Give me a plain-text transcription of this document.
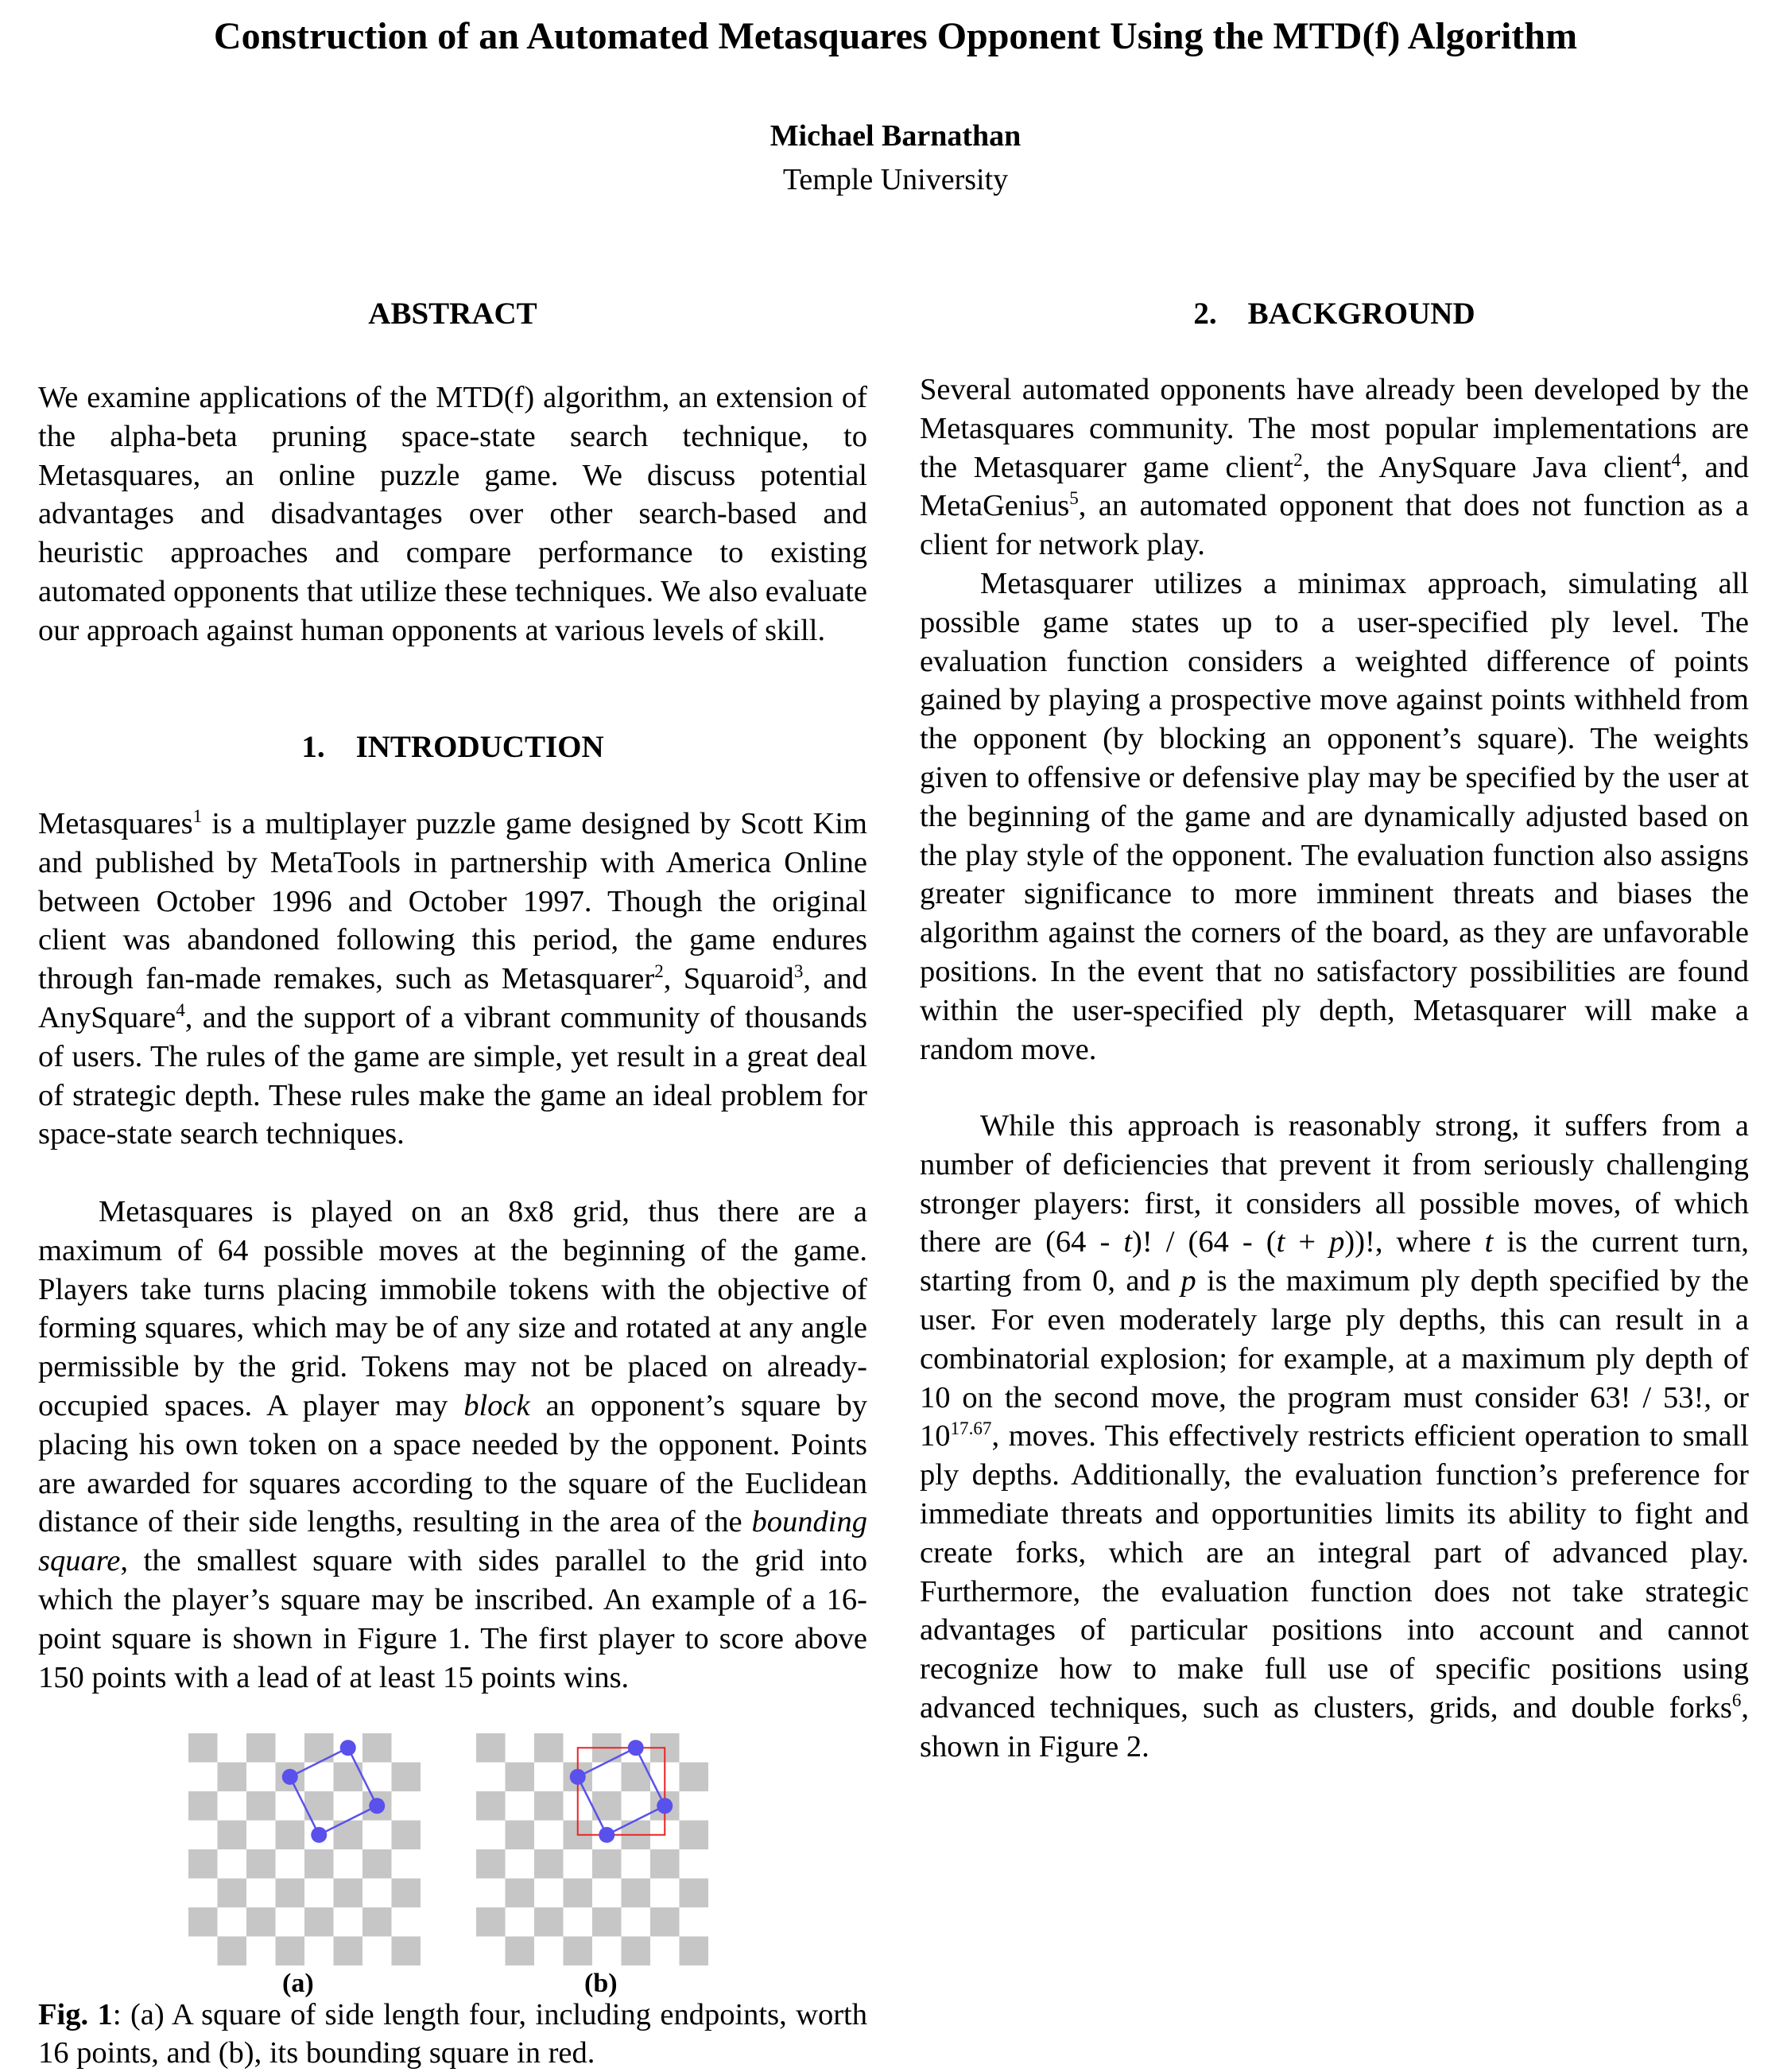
Construction of an Automated Metasquares Opponent Using the MTD(f) Algorithm
Michael Barnathan
Temple University
ABSTRACT

We examine applications of the MTD(f) algorithm, an extension of the alpha-beta pruning space-state search technique, to Metasquares, an online puzzle game. We discuss potential advantages and disadvantages over other search-based and heuristic approaches and compare performance to existing automated opponents that utilize these techniques. We also evaluate our approach against human opponents at various levels of skill.

1.    INTRODUCTION

Metasquares$^1$ is a multiplayer puzzle game designed by Scott Kim and published by MetaTools in partnership with America Online between October 1996 and October 1997. Though the original client was abandoned following this period, the game endures through fan-made remakes, such as Metasquarer$^2$, Squaroid$^3$, and AnySquare$^4$, and the support of a vibrant community of thousands of users. The rules of the game are simple, yet result in a great deal of strategic depth. These rules make the game an ideal problem for space-state search techniques.

Metasquares is played on an 8x8 grid, thus there are a maximum of 64 possible moves at the beginning of the game. Players take turns placing immobile tokens with the objective of forming squares, which may be of any size and rotated at any angle permissible by the grid. Tokens may not be placed on already-occupied spaces. A player may block an opponent’s square by placing his own token on a space needed by the opponent. Points are awarded for squares according to the square of the Euclidean distance of their side lengths, resulting in the area of the bounding square, the smallest square with sides parallel to the grid into which the player’s square may be inscribed. An example of a 16-point square is shown in Figure 1. The first player to score above 150 points with a lead of at least 15 points wins.

(a)	(b)

Fig. 1: (a) A square of side length four, including endpoints, worth 16 points, and (b), its bounding square in red.

2.    BACKGROUND

Several automated opponents have already been developed by the Metasquares community. The most popular implementations are the Metasquarer game client$^2$, the AnySquare Java client$^4$, and MetaGenius$^5$, an automated opponent that does not function as a client for network play.

Metasquarer utilizes a minimax approach, simulating all possible game states up to a user-specified ply level. The evaluation function considers a weighted difference of points gained by playing a prospective move against points withheld from the opponent (by blocking an opponent’s square). The weights given to offensive or defensive play may be specified by the user at the beginning of the game and are dynamically adjusted based on the play style of the opponent. The evaluation function also assigns greater significance to more imminent threats and biases the algorithm against the corners of the board, as they are unfavorable positions. In the event that no satisfactory possibilities are found within the user-specified ply depth, Metasquarer will make a random move.

While this approach is reasonably strong, it suffers from a number of deficiencies that prevent it from seriously challenging stronger players: first, it considers all possible moves, of which there are (64 - t)! / (64 - (t + p))!, where t is the current turn, starting from 0, and p is the maximum ply depth specified by the user. For even moderately large ply depths, this can result in a combinatorial explosion; for example, at a maximum ply depth of 10 on the second move, the program must consider 63! / 53!, or $10^{17.67}$, moves. This effectively restricts efficient operation to small ply depths. Additionally, the evaluation function’s preference for immediate threats and opportunities limits its ability to fight and create forks, which are an integral part of advanced play. Furthermore, the evaluation function does not take strategic advantages of particular positions into account and cannot recognize how to make full use of specific positions using advanced techniques, such as clusters, grids, and double forks$^6$, shown in Figure 2.
